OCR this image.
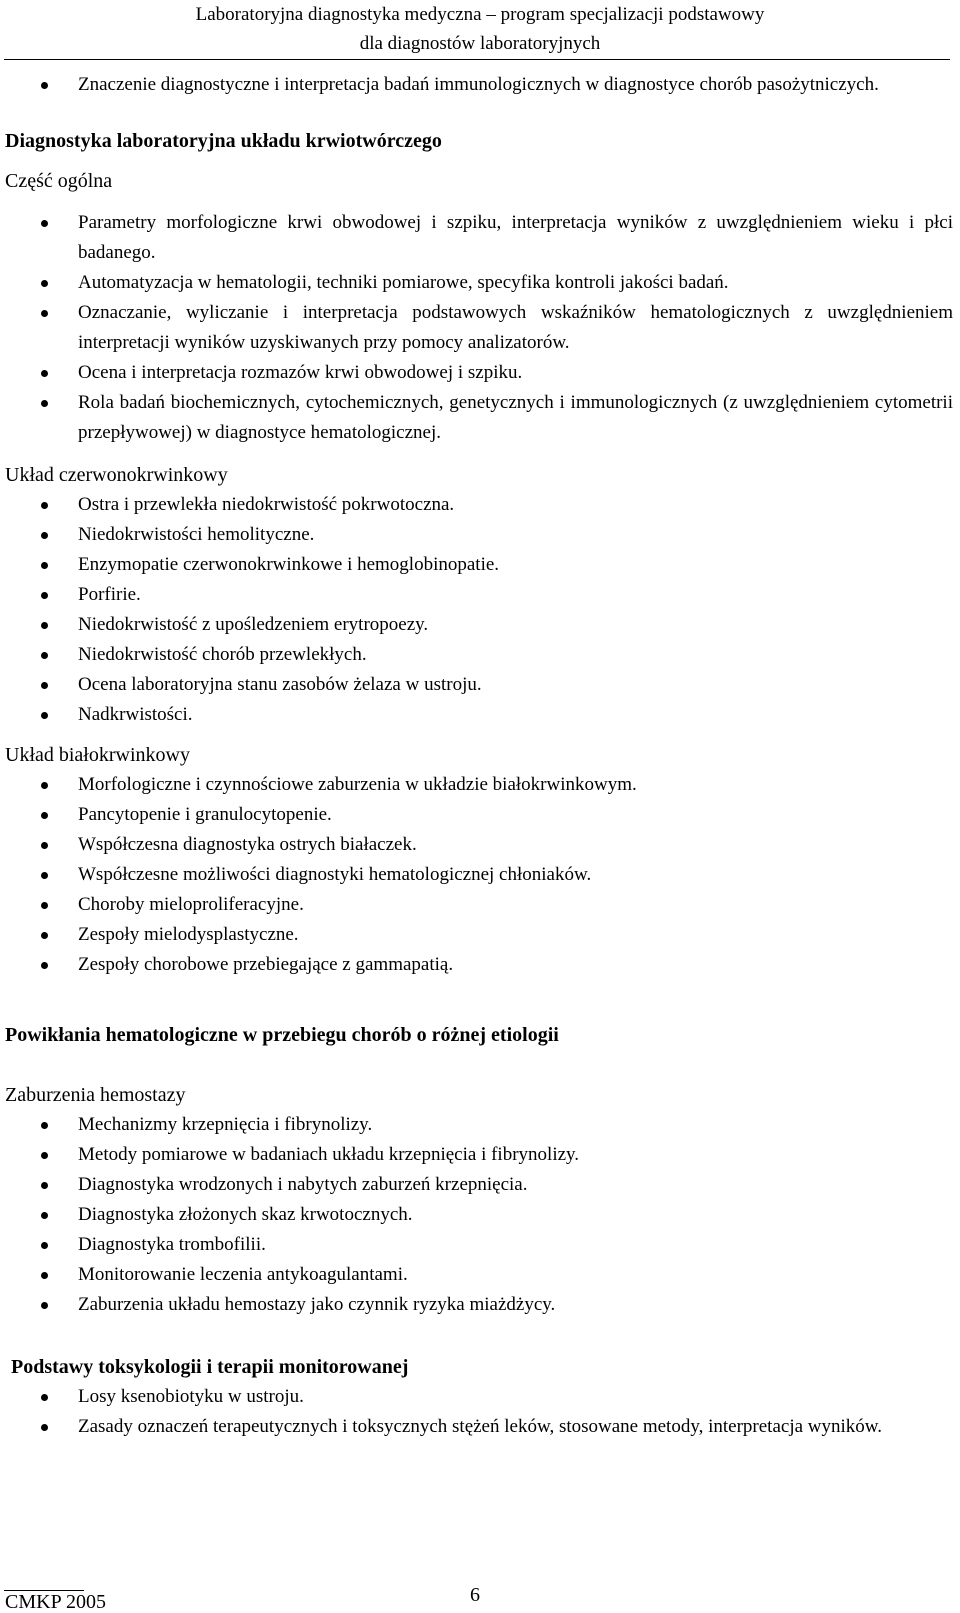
Laboratoryjna diagnostyka medyczna – program specjalizacji podstawowy
dla diagnostów laboratoryjnych
Znaczenie diagnostyczne i interpretacja badań immunologicznych w diagnostyce chorób pasożytniczych.
Diagnostyka laboratoryjna układu krwiotwórczego
Część ogólna
Parametry morfologiczne krwi obwodowej i szpiku, interpretacja wyników z uwzględnieniem wieku i płci badanego.
Automatyzacja w hematologii, techniki pomiarowe, specyfika kontroli jakości badań.
Oznaczanie, wyliczanie i interpretacja podstawowych wskaźników hematologicznych z uwzględnieniem interpretacji wyników uzyskiwanych przy pomocy analizatorów.
Ocena i interpretacja rozmazów krwi obwodowej i szpiku.
Rola badań biochemicznych, cytochemicznych, genetycznych i immunologicznych (z uwzględnieniem cytometrii przepływowej) w diagnostyce hematologicznej.
Układ czerwonokrwinkowy
Ostra i przewlekła niedokrwistość pokrwotoczna.
Niedokrwistości hemolityczne.
Enzymopatie czerwonokrwinkowe i hemoglobinopatie.
Porfirie.
Niedokrwistość z upośledzeniem erytropoezy.
Niedokrwistość chorób przewlekłych.
Ocena laboratoryjna stanu zasobów żelaza w ustroju.
Nadkrwistości.
Układ białokrwinkowy
Morfologiczne i czynnościowe zaburzenia w układzie białokrwinkowym.
Pancytopenie i granulocytopenie.
Współczesna diagnostyka ostrych białaczek.
Współczesne możliwości diagnostyki hematologicznej chłoniaków.
Choroby mieloproliferacyjne.
Zespoły mielodysplastyczne.
Zespoły chorobowe przebiegające z gammapatią.
Powikłania hematologiczne w przebiegu chorób o różnej etiologii
Zaburzenia hemostazy
Mechanizmy krzepnięcia i fibrynolizy.
Metody pomiarowe w badaniach układu krzepnięcia i fibrynolizy.
Diagnostyka wrodzonych i nabytych zaburzeń krzepnięcia.
Diagnostyka złożonych skaz krwotocznych.
Diagnostyka trombofilii.
Monitorowanie leczenia antykoagulantami.
Zaburzenia układu hemostazy jako czynnik ryzyka miażdżycy.
Podstawy toksykologii i terapii monitorowanej
Losy ksenobiotyku w ustroju.
Zasady oznaczeń terapeutycznych i toksycznych stężeń leków, stosowane metody, interpretacja wyników.
CMKP 2005	6
